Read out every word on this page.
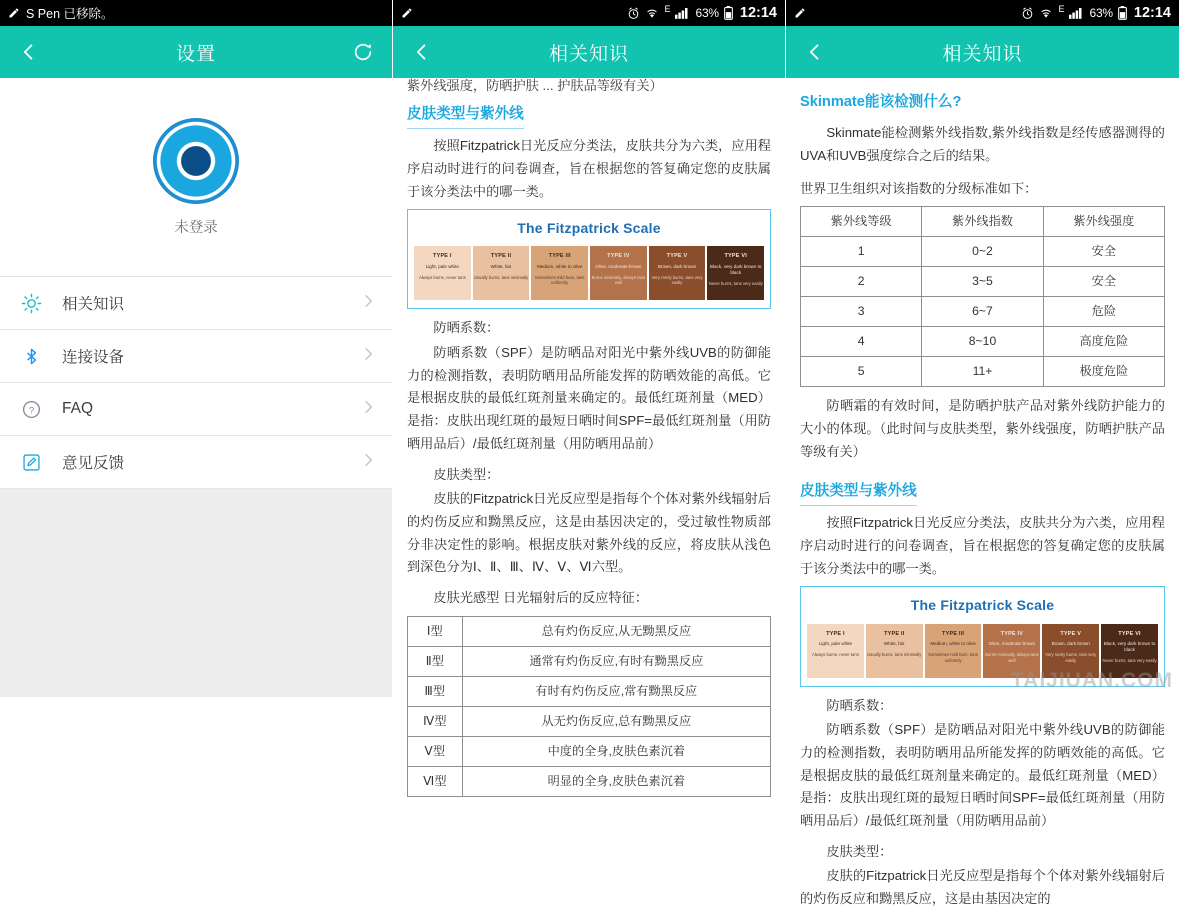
S Pen 已移除。
设置
未登录
相关知识
连接设备
? FAQ
意见反馈
E 63% 12:14
相关知识
紫外线强度，防晒护肤 ... 护肤品等级有关）
皮肤类型与紫外线
按照Fitzpatrick日光反应分类法，皮肤共分为六类，应用程序启动时进行的问卷调查，旨在根据您的答复确定您的皮肤属于该分类法中的哪一类。
The Fitzpatrick Scale
TYPE I
Light, pale white
Always burns, never tans
TYPE II
White, fair
Usually burns, tans minimally
TYPE III
Medium, white to olive
Sometimes mild burn, tans uniformly
TYPE IV
Olive, moderate brown
Burns minimally, always tans well
TYPE V
Brown, dark brown
Very rarely burns, tans very easily
TYPE VI
Black, very dark brown to black
Never burns, tans very easily
防晒系数：
防晒系数（SPF）是防晒品对阳光中紫外线UVB的防御能力的检测指数，表明防晒用品所能发挥的防晒效能的高低。它是根据皮肤的最低红斑剂量来确定的。最低红斑剂量（MED）是指：皮肤出现红斑的最短日晒时间SPF=最低红斑剂量（用防晒用品后）/最低红斑剂量（用防晒用品前）
皮肤类型：
皮肤的Fitzpatrick日光反应型是指每个个体对紫外线辐射后的灼伤反应和黝黑反应，这是由基因决定的，受过敏性物质部分非决定性的影响。根据皮肤对紫外线的反应，将皮肤从浅色到深色分为Ⅰ、Ⅱ、Ⅲ、Ⅳ、Ⅴ、Ⅵ六型。
皮肤光感型 日光辐射后的反应特征：
Ⅰ型	总有灼伤反应,从无黝黑反应
Ⅱ型	通常有灼伤反应,有时有黝黑反应
Ⅲ型	有时有灼伤反应,常有黝黑反应
Ⅳ型	从无灼伤反应,总有黝黑反应
Ⅴ型	中度的全身,皮肤色素沉着
Ⅵ型	明显的全身,皮肤色素沉着
E 63% 12:14
相关知识
Skinmate能该检测什么?
Skinmate能检测紫外线指数,紫外线指数是经传感器测得的UVA和UVB强度综合之后的结果。
世界卫生组织对该指数的分级标准如下：
紫外线等级	紫外线指数	紫外线强度
1	0~2	安全
2	3~5	安全
3	6~7	危险
4	8~10	高度危险
5	11+	极度危险
防晒霜的有效时间，是防晒护肤产品对紫外线防护能力的大小的体现。（此时间与皮肤类型，紫外线强度，防晒护肤产品等级有关）
皮肤类型与紫外线
按照Fitzpatrick日光反应分类法，皮肤共分为六类，应用程序启动时进行的问卷调查，旨在根据您的答复确定您的皮肤属于该分类法中的哪一类。
The Fitzpatrick Scale
TYPE I
Light, pale white
Always burns, never tans
TYPE II
White, fair
Usually burns, tans minimally
TYPE III
Medium, white to olive
Sometimes mild burn, tans uniformly
TYPE IV
Olive, moderate brown
Burns minimally, always tans well
TYPE V
Brown, dark brown
Very rarely burns, tans very easily
TYPE VI
Black, very dark brown to black
Never burns, tans very easily
防晒系数：
防晒系数（SPF）是防晒品对阳光中紫外线UVB的防御能力的检测指数，表明防晒用品所能发挥的防晒效能的高低。它是根据皮肤的最低红斑剂量来确定的。最低红斑剂量（MED）是指：皮肤出现红斑的最短日晒时间SPF=最低红斑剂量（用防晒用品后）/最低红斑剂量（用防晒用品前）
皮肤类型：
皮肤的Fitzpatrick日光反应型是指每个个体对紫外线辐射后的灼伤反应和黝黑反应，这是由基因决定的
TAIJIUAN.COM
